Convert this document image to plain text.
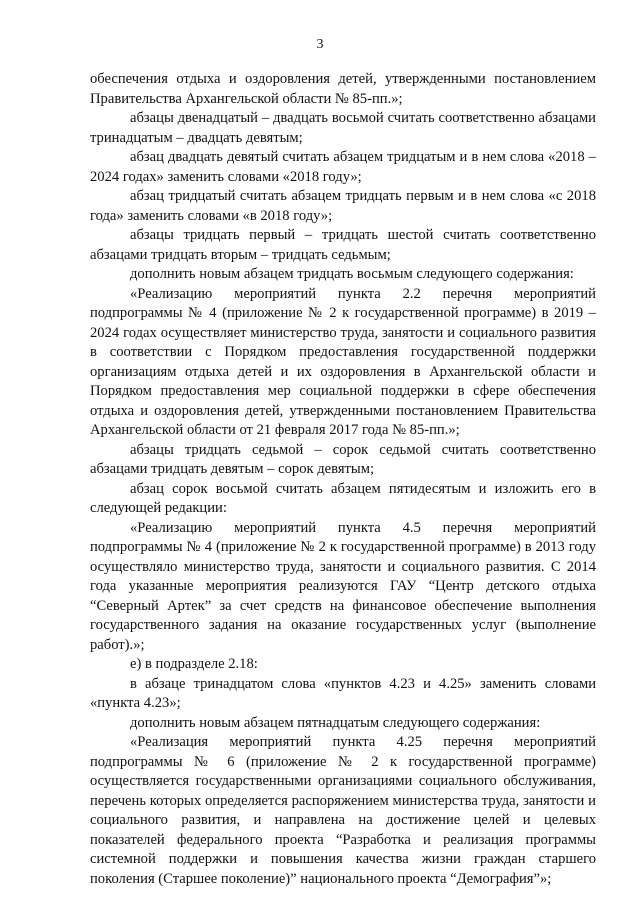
3

обеспечения отдыха и оздоровления детей, утвержденными постановлением Правительства Архангельской области № 85-пп.»;

абзацы двенадцатый – двадцать восьмой считать соответственно абзацами тринадцатым – двадцать девятым;

абзац двадцать девятый считать абзацем тридцатым и в нем слова «2018 – 2024 годах» заменить словами «2018 году»;

абзац тридцатый считать абзацем тридцать первым и в нем слова «с 2018 года» заменить словами «в 2018 году»;

абзацы тридцать первый – тридцать шестой считать соответственно абзацами тридцать вторым – тридцать седьмым;

дополнить новым абзацем тридцать восьмым следующего содержания:

«Реализацию мероприятий пункта 2.2 перечня мероприятий подпрограммы № 4 (приложение № 2 к государственной программе) в 2019 – 2024 годах осуществляет министерство труда, занятости и социального развития в соответствии с Порядком предоставления государственной поддержки организациям отдыха детей и их оздоровления в Архангельской области и Порядком предоставления мер социальной поддержки в сфере обеспечения отдыха и оздоровления детей, утвержденными постановлением Правительства Архангельской области от 21 февраля 2017 года № 85-пп.»;

абзацы тридцать седьмой – сорок седьмой считать соответственно абзацами тридцать девятым – сорок девятым;

абзац сорок восьмой считать абзацем пятидесятым и изложить его в следующей редакции:

«Реализацию мероприятий пункта 4.5 перечня мероприятий подпрограммы № 4 (приложение № 2 к государственной программе) в 2013 году осуществляло министерство труда, занятости и социального развития. С 2014 года указанные мероприятия реализуются ГАУ “Центр детского отдыха “Северный Артек” за счет средств на финансовое обеспечение выполнения государственного задания на оказание государственных услуг (выполнение работ).»;

е) в подразделе 2.18:

в абзаце тринадцатом слова «пунктов 4.23 и 4.25» заменить словами «пункта 4.23»;

дополнить новым абзацем пятнадцатым следующего содержания:

«Реализация мероприятий пункта 4.25 перечня мероприятий подпрограммы № 6 (приложение № 2 к государственной программе) осуществляется государственными организациями социального обслуживания, перечень которых определяется распоряжением министерства труда, занятости и социального развития, и направлена на достижение целей и целевых показателей федерального проекта “Разработка и реализация программы системной поддержки и повышения качества жизни граждан старшего поколения (Старшее поколение)” национального проекта “Демография”»;
